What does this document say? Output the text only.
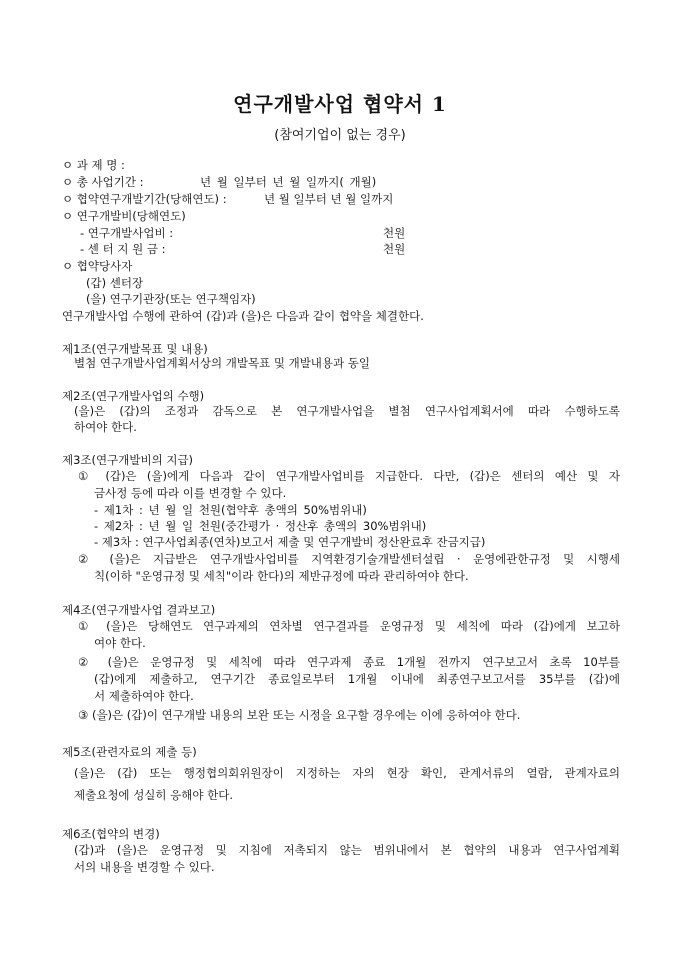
연구개발사업 협약서 1
(참여기업이 없는 경우)
ㅇ 과 제 명 :
ㅇ 총 사업기간 :	년 월 일부터 년 월 일까지( 개월)
ㅇ 협약연구개발기간(당해연도) :	년 월 일부터 년 월 일까지
ㅇ 연구개발비(당해연도)
- 연구개발사업비 :	천원
- 센 터 지 원 금 :	천원
ㅇ 협약당사자
(갑) 센터장
(을) 연구기관장(또는 연구책임자)
연구개발사업 수행에 관하여 (갑)과 (을)은 다음과 같이 협약을 체결한다.
제1조(연구개발목표 및 내용)
별첨 연구개발사업계획서상의 개발목표 및 개발내용과 동일
제2조(연구개발사업의 수행)
(을)은 (갑)의 조정과 감독으로 본 연구개발사업을 별첨 연구사업계획서에 따라 수행하도록
하여야 한다.
제3조(연구개발비의 지급)
① (갑)은 (을)에게 다음과 같이 연구개발사업비를 지급한다. 다만, (갑)은 센터의 예산 및 자
금사정 등에 따라 이를 변경할 수 있다.
- 제1차 : 년 월 일 천원(협약후 총액의 50%범위내)
- 제2차 : 년 월 일 천원(중간평가 · 정산후 총액의 30%범위내)
- 제3차 : 연구사업최종(연차)보고서 제출 및 연구개발비 정산완료후 잔금지급)
② (을)은 지급받은 연구개발사업비를 지역환경기술개발센터설립 · 운영에관한규정 및 시행세
칙(이하 "운영규정 및 세칙"이라 한다)의 제반규정에 따라 관리하여야 한다.
제4조(연구개발사업 결과보고)
① (을)은 당해연도 연구과제의 연차별 연구결과를 운영규정 및 세칙에 따라 (갑)에게 보고하
여야 한다.
② (을)은 운영규정 및 세칙에 따라 연구과제 종료 1개월 전까지 연구보고서 초록 10부를
(갑)에게 제출하고, 연구기간 종료일로부터 1개월 이내에 최종연구보고서를 35부를 (갑)에
서 제출하여야 한다.
③ (을)은 (갑)이 연구개발 내용의 보완 또는 시정을 요구할 경우에는 이에 응하여야 한다.
제5조(관련자료의 제출 등)
(을)은 (갑) 또는 행정협의회위원장이 지정하는 자의 현장 확인, 관계서류의 열람, 관계자료의
제출요청에 성실히 응해야 한다.
제6조(협약의 변경)
(갑)과 (을)은 운영규정 및 지침에 저촉되지 않는 범위내에서 본 협약의 내용과 연구사업계획
서의 내용을 변경할 수 있다.
